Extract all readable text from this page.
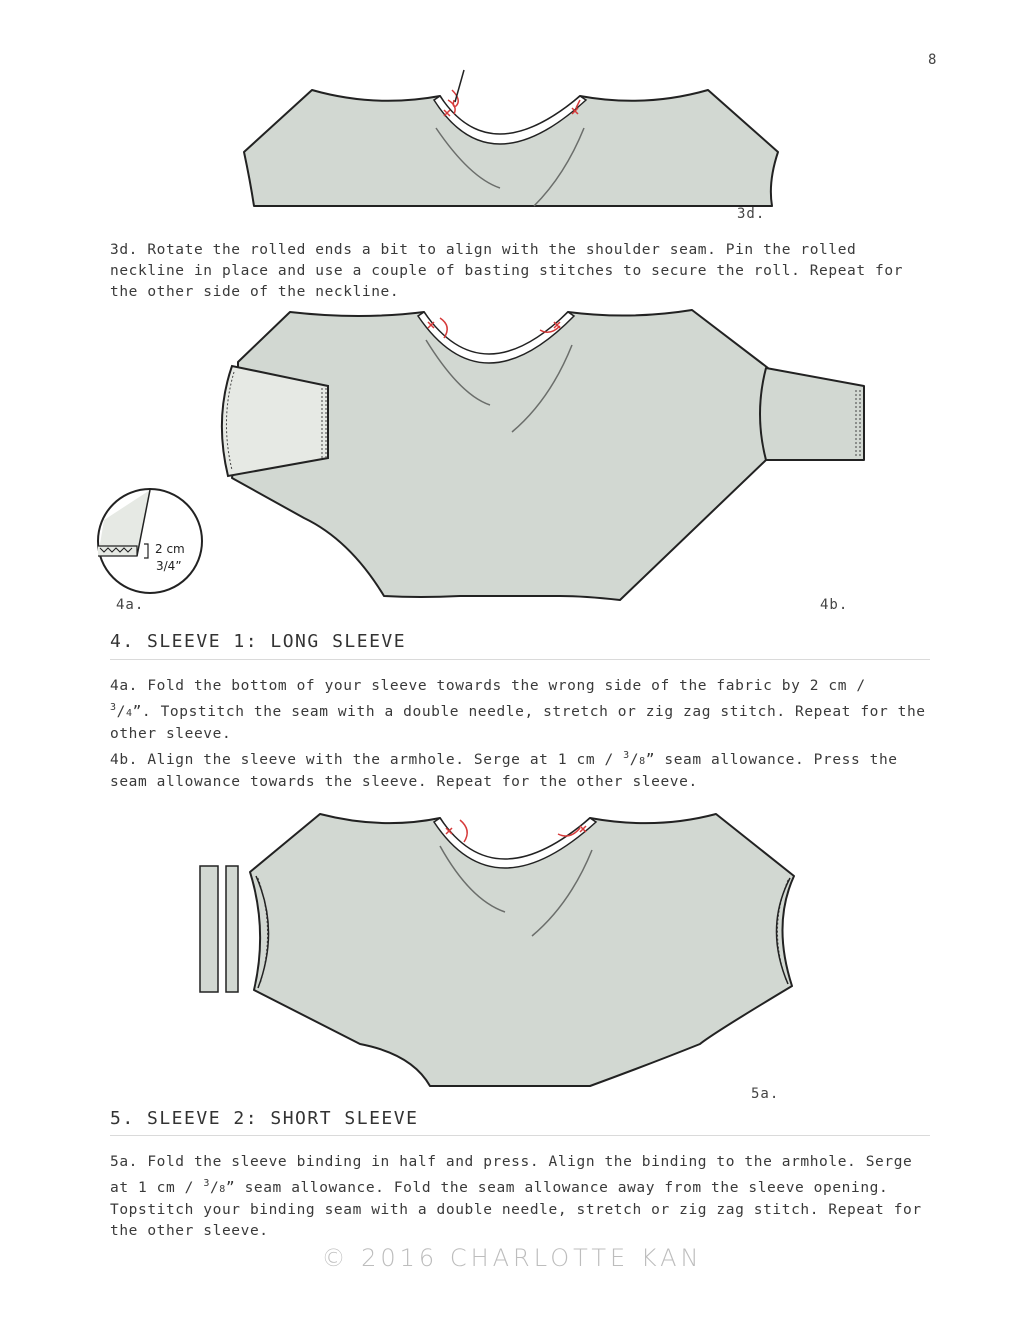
8
2 cm
3/4”
3d.
4a.	4b.
5a.

3d. Rotate the rolled ends a bit to align with the shoulder seam. Pin the rolled neckline in place and use a couple of basting stitches to secure the roll. Repeat for the other side of the neckline.

4. SLEEVE 1: LONG SLEEVE

4a. Fold the bottom of your sleeve towards the wrong side of the fabric by 2 cm /
$^3$/4”. Topstitch the seam with a double needle, stretch or zig zag stitch. Repeat for the other sleeve.

4b. Align the sleeve with the armhole. Serge at 1 cm / $^3$/8” seam allowance. Press the seam allowance towards the sleeve. Repeat for the other sleeve.

5. SLEEVE 2: SHORT SLEEVE

5a. Fold the sleeve binding in half and press. Align the binding to the armhole. Serge at 1 cm / $^3$/8” seam allowance. Fold the seam allowance away from the sleeve opening. Topstitch your binding seam with a double needle, stretch or zig zag stitch. Repeat for the other sleeve.

© 2016 CHARLOTTE KAN
